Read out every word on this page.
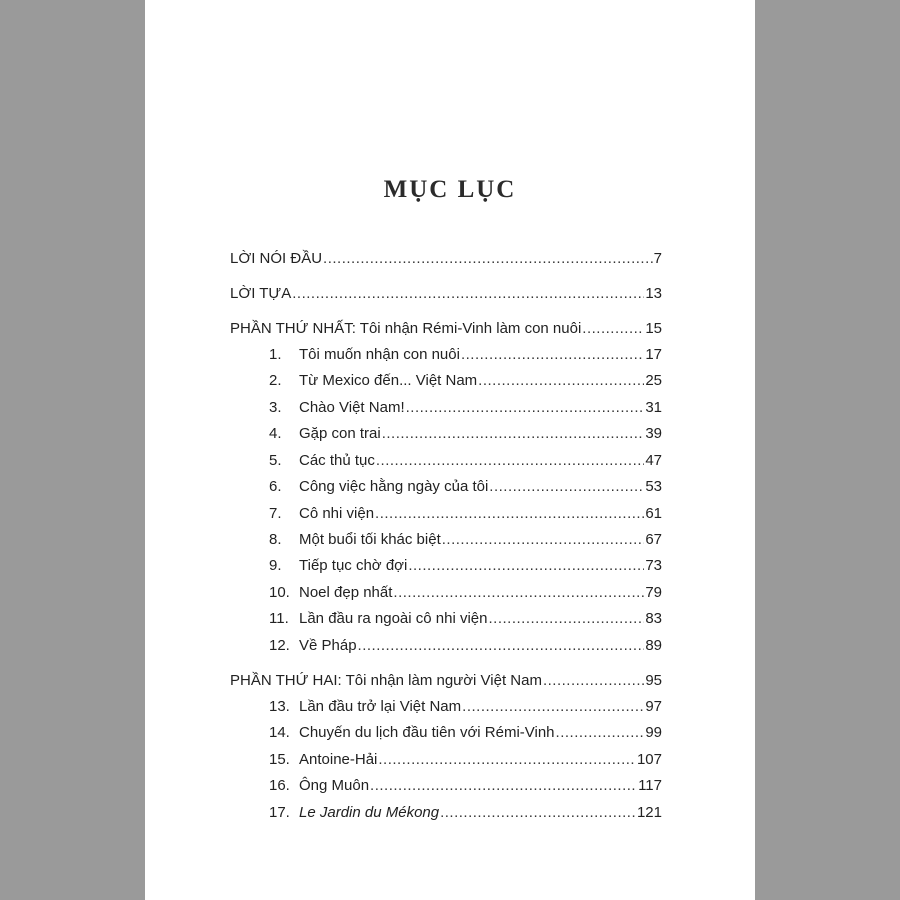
MỤC LỤC
LỜI NÓI ĐẦU .....	7
LỜI TỰA .....	13
PHẦN THỨ NHẤT: Tôi nhận Rémi-Vinh làm con nuôi .....	15
1.	Tôi muốn nhận con nuôi .....	17
2.	Từ Mexico đến... Việt Nam .....	25
3.	Chào Việt Nam! .....	31
4.	Gặp con trai .....	39
5.	Các thủ tục .....	47
6.	Công việc hằng ngày của tôi .....	53
7.	Cô nhi viện .....	61
8.	Một buổi tối khác biệt .....	67
9.	Tiếp tục chờ đợi .....	73
10. Noel đẹp nhất .....	79
11. Lần đầu ra ngoài cô nhi viện .....	83
12. Về Pháp .....	89
PHẦN THỨ HAI: Tôi nhận làm người Việt Nam .....	95
13. Lần đầu trở lại Việt Nam .....	97
14. Chuyến du lịch đầu tiên với Rémi-Vinh .....	99
15. Antoine-Hải .....	107
16. Ông Muôn .....	117
17. Le Jardin du Mékong .....	121
